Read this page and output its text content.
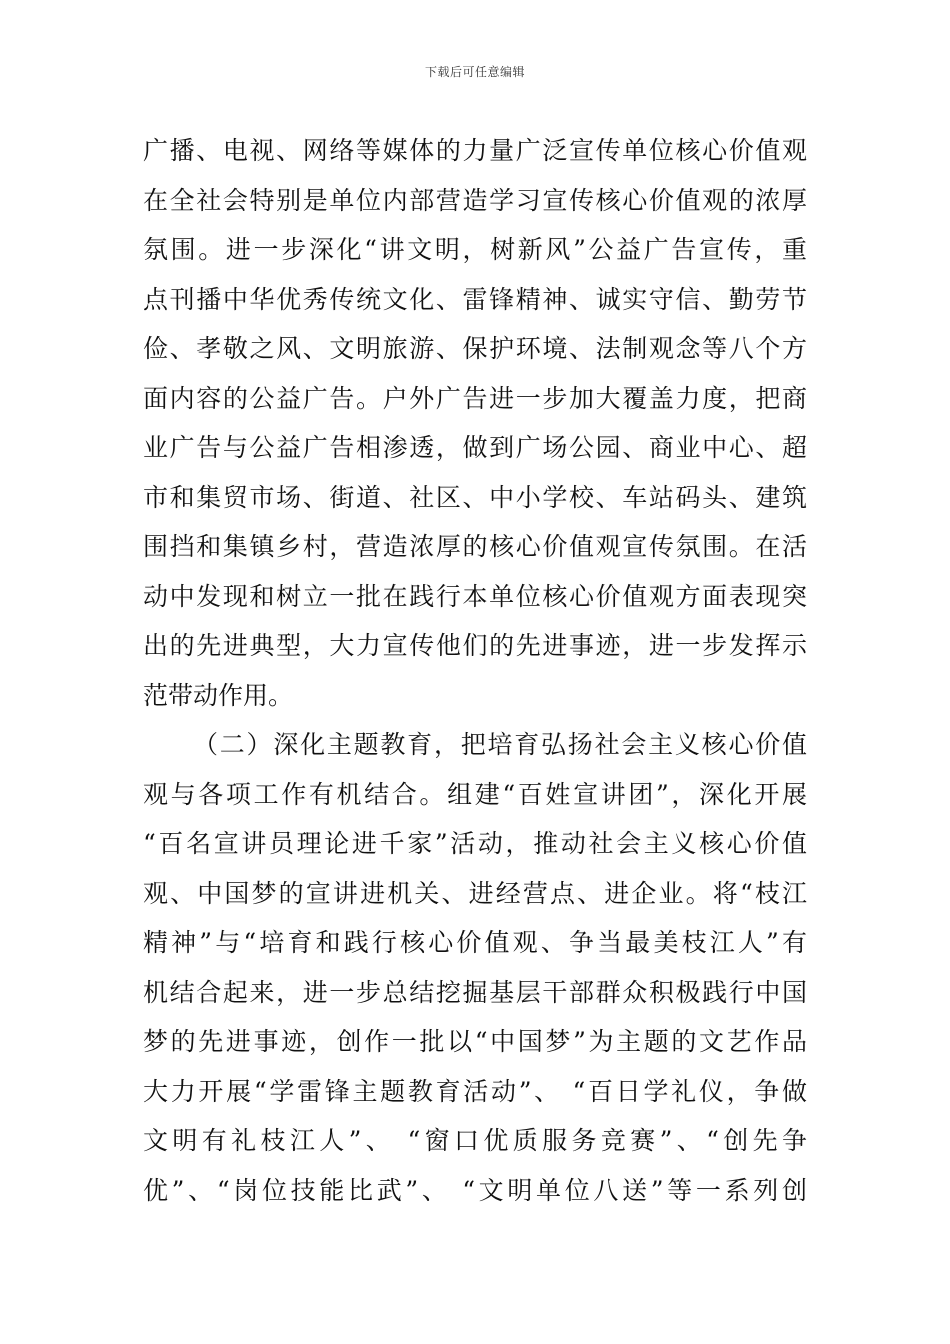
下载后可任意编辑
广播、电视、网络等媒体的力量广泛宣传单位核心价值观
在全社会特别是单位内部营造学习宣传核心价值观的浓厚
氛围。进一步深化“讲文明，树新风”公益广告宣传，重
点刊播中华优秀传统文化、雷锋精神、诚实守信、勤劳节
俭、孝敬之风、文明旅游、保护环境、法制观念等八个方
面内容的公益广告。户外广告进一步加大覆盖力度，把商
业广告与公益广告相渗透，做到广场公园、商业中心、超
市和集贸市场、街道、社区、中小学校、车站码头、建筑
围挡和集镇乡村，营造浓厚的核心价值观宣传氛围。在活
动中发现和树立一批在践行本单位核心价值观方面表现突
出的先进典型，大力宣传他们的先进事迹，进一步发挥示
范带动作用。
（二）深化主题教育，把培育弘扬社会主义核心价值
观与各项工作有机结合。组建“百姓宣讲团”，深化开展
“百名宣讲员理论进千家”活动，推动社会主义核心价值
观、中国梦的宣讲进机关、进经营点、进企业。将“枝江
精神”与“培育和践行核心价值观、争当最美枝江人”有
机结合起来，进一步总结挖掘基层干部群众积极践行中国
梦的先进事迹，创作一批以“中国梦”为主题的文艺作品
大力开展“学雷锋主题教育活动”、 “百日学礼仪，争做
文明有礼枝江人”、 “窗口优质服务竞赛”、“创先争
优”、“岗位技能比武”、 “文明单位八送”等一系列创
